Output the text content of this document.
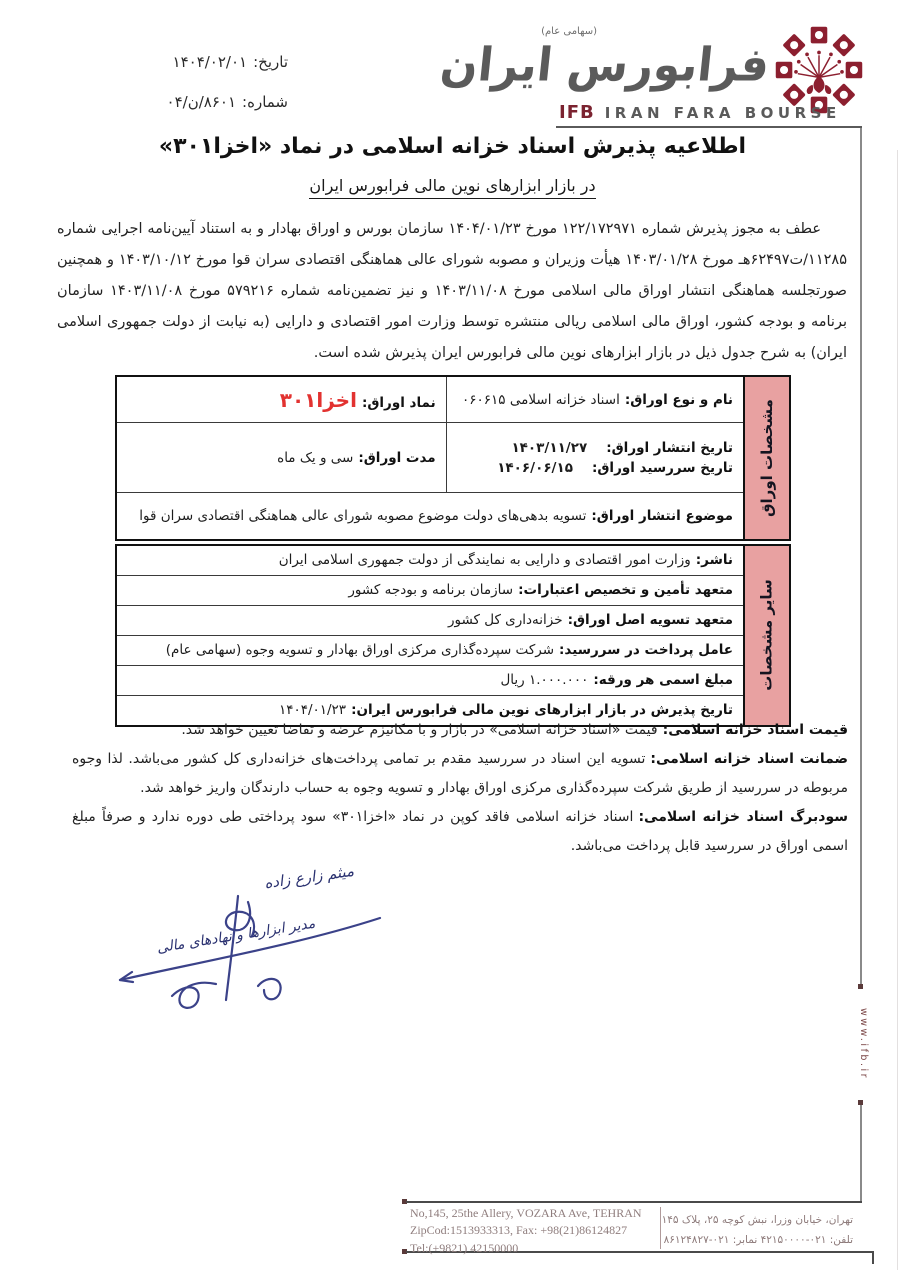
تاریخ:۱۴۰۴/۰۲/۰۱
شماره:۸۶۰۱/ن/۰۴
(سهامی عام)
فرابورس ایران
IFB IRAN FARA BOURSE
www.ifb.ir
اطلاعیه پذیرش اسناد خزانه اسلامی در نماد «اخزا۳۰۱»
در بازار ابزارهای نوین مالی فرابورس ایران
عطف به مجوز پذیرش شماره ۱۲۲/۱۷۲۹۷۱ مورخ ۱۴۰۴/۰۱/۲۳ سازمان بورس و اوراق بهادار و به استناد آیین‌نامه اجرایی شماره ۱۱۲۸۵/ت۶۲۴۹۷هـ مورخ ۱۴۰۳/۰۱/۲۸ هیأت وزیران و مصوبه شورای عالی هماهنگی اقتصادی سران قوا مورخ ۱۴۰۳/۱۰/۱۲ و همچنین صورتجلسه هماهنگی انتشار اوراق مالی اسلامی مورخ ۱۴۰۳/۱۱/۰۸ و نیز تضمین‌نامه شماره ۵۷۹۲۱۶ مورخ ۱۴۰۳/۱۱/۰۸ سازمان برنامه و بودجه کشور، اوراق مالی اسلامی ریالی منتشره توسط وزارت امور اقتصادی و دارایی (به نیابت از دولت جمهوری اسلامی ایران) به شرح جدول ذیل در بازار ابزارهای نوین مالی فرابورس ایران پذیرش شده است.
مشخصات اوراق
نام و نوع اوراق:اسناد خزانه اسلامی ۰۶۰۶۱۵
نماد اوراق:اخزا۳۰۱
تاریخ انتشار اوراق:
۱۴۰۳/۱۱/۲۷
تاریخ سررسید اوراق:
۱۴۰۶/۰۶/۱۵
مدت اوراق:سی و یک ماه
موضوع انتشار اوراق:تسویه بدهی‌های دولت موضوع مصوبه شورای عالی هماهنگی اقتصادی سران قوا
سایر مشخصات
ناشر:وزارت امور اقتصادی و دارایی به نمایندگی از دولت جمهوری اسلامی ایران
متعهد تأمین و تخصیص اعتبارات:سازمان برنامه و بودجه کشور
متعهد تسویه اصل اوراق:خزانه‌داری کل کشور
عامل پرداخت در سررسید:شرکت سپرده‌گذاری مرکزی اوراق بهادار و تسویه وجوه (سهامی عام)
مبلغ اسمی هر ورقه:۱.۰۰۰.۰۰۰ ریال
تاریخ پذیرش در بازار ابزارهای نوین مالی فرابورس ایران:۱۴۰۴/۰۱/۲۳

قیمت اسناد خزانه اسلامی:قیمت «اسناد خزانه اسلامی» در بازار و با مکانیزم عرضه و تقاضا تعیین خواهد شد.

ضمانت اسناد خزانه اسلامی:تسویه این اسناد در سررسید مقدم بر تمامی پرداخت‌های خزانه‌داری کل کشور می‌باشد. لذا وجوه مربوطه در سررسید از طریق شرکت سپرده‌گذاری مرکزی اوراق بهادار و تسویه وجوه به حساب دارندگان واریز خواهد شد.

سودبرگ اسناد خزانه اسلامی:اسناد خزانه اسلامی فاقد کوپن در نماد «اخزا۳۰۱» سود پرداختی طی دوره ندارد و صرفاً مبلغ اسمی اوراق در سررسید قابل پرداخت می‌باشد.

میثم زارع زاده
مدیر ابزارها و نهادهای مالی
No,145, 25the Allery, VOZARA Ave, TEHRAN
ZipCod:1513933313, Fax: +98(21)86124827
Tel:(+9821) 42150000
تهران، خیابان وزرا، نبش کوچه ۲۵، پلاک ۱۴۵
تلفن: ۰۲۱-۴۲۱۵۰۰۰۰ نمابر: ۰۲۱-۸۶۱۲۴۸۲۷
